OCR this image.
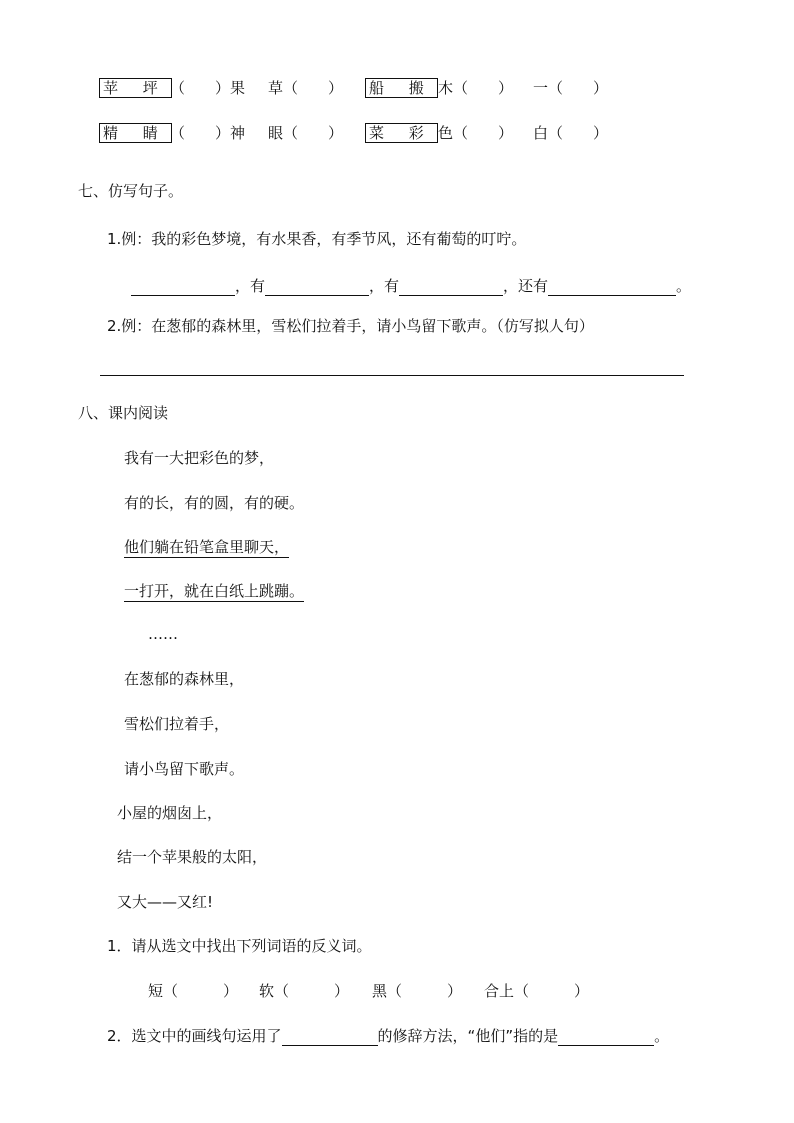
苹 坪 （　　）果 草（　　） 船 搬 木（　　） 一（　　）
精 睛 （　　）神 眼（　　） 菜 彩 色（　　） 白（　　）
七、仿写句子。
1.例：我的彩色梦境，有水果香，有季节风，还有葡萄的叮咛。
，有	，有	，还有	。
2.例：在葱郁的森林里，雪松们拉着手，请小鸟留下歌声。（仿写拟人句）
八、课内阅读
我有一大把彩色的梦，
有的长，有的圆，有的硬。
他们躺在铅笔盒里聊天，
一打开，就在白纸上跳蹦。
……
在葱郁的森林里，
雪松们拉着手，
请小鸟留下歌声。
小屋的烟囱上，
结一个苹果般的太阳，
又大——又红!
1．请从选文中找出下列词语的反义词。
短（　　　） 软（　　　） 黑（　　　） 合上（　　　）
2．选文中的画线句运用了	的修辞方法，“他们”指的是	。
